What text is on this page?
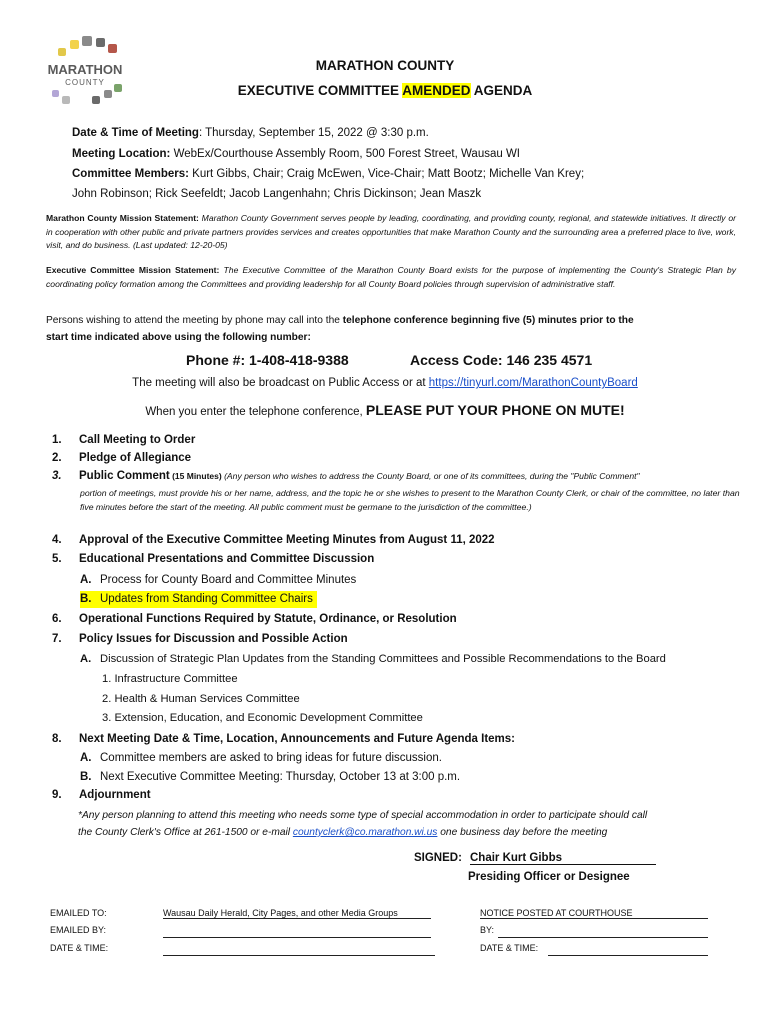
MARATHON
COUNTY
MARATHON COUNTY
EXECUTIVE COMMITTEE AMENDED AGENDA
Date & Time of Meeting: Thursday, September 15, 2022 @ 3:30 p.m.
Meeting Location: WebEx/Courthouse Assembly Room, 500 Forest Street, Wausau WI
Committee Members: Kurt Gibbs, Chair; Craig McEwen, Vice-Chair; Matt Bootz; Michelle Van Krey;
John Robinson; Rick Seefeldt; Jacob Langenhahn; Chris Dickinson; Jean Maszk
Marathon County Mission Statement: Marathon County Government serves people by leading, coordinating, and providing county, regional, and statewide initiatives. It directly or in cooperation with other public and private partners provides services and creates opportunities that make Marathon County and the surrounding area a preferred place to live, work, visit, and do business. (Last updated: 12-20-05)
Executive Committee Mission Statement: The Executive Committee of the Marathon County Board exists for the purpose of implementing the County's Strategic Plan by coordinating policy formation among the Committees and providing leadership for all County Board policies through supervision of administrative staff.
Persons wishing to attend the meeting by phone may call into the telephone conference beginning five (5) minutes prior to the
start time indicated above using the following number:
Phone #: 1-408-418-9388	Access Code: 146 235 4571
The meeting will also be broadcast on Public Access or at https://tinyurl.com/MarathonCountyBoard
When you enter the telephone conference, PLEASE PUT YOUR PHONE ON MUTE!
1. Call Meeting to Order
2. Pledge of Allegiance
3. Public Comment (15 Minutes) (Any person who wishes to address the County Board, or one of its committees, during the "Public Comment"
portion of meetings, must provide his or her name, address, and the topic he or she wishes to present to the Marathon County Clerk, or chair of the committee, no later than five minutes before the start of the meeting. All public comment must be germane to the jurisdiction of the committee.)
4. Approval of the Executive Committee Meeting Minutes from August 11, 2022
5. Educational Presentations and Committee Discussion
A. Process for County Board and Committee Minutes
B. Updates from Standing Committee Chairs
6. Operational Functions Required by Statute, Ordinance, or Resolution
7. Policy Issues for Discussion and Possible Action
A. Discussion of Strategic Plan Updates from the Standing Committees and Possible Recommendations to the Board
1. Infrastructure Committee
2. Health & Human Services Committee
3. Extension, Education, and Economic Development Committee
8. Next Meeting Date & Time, Location, Announcements and Future Agenda Items:
A. Committee members are asked to bring ideas for future discussion.
B. Next Executive Committee Meeting: Thursday, October 13 at 3:00 p.m.
9. Adjournment
*Any person planning to attend this meeting who needs some type of special accommodation in order to participate should call
the County Clerk's Office at 261-1500 or e-mail countyclerk@co.marathon.wi.us one business day before the meeting
SIGNED: Chair Kurt Gibbs
Presiding Officer or Designee
EMAILED TO:	Wausau Daily Herald, City Pages, and other Media Groups
EMAILED BY:
DATE & TIME:
NOTICE POSTED AT COURTHOUSE
BY:
DATE & TIME:
